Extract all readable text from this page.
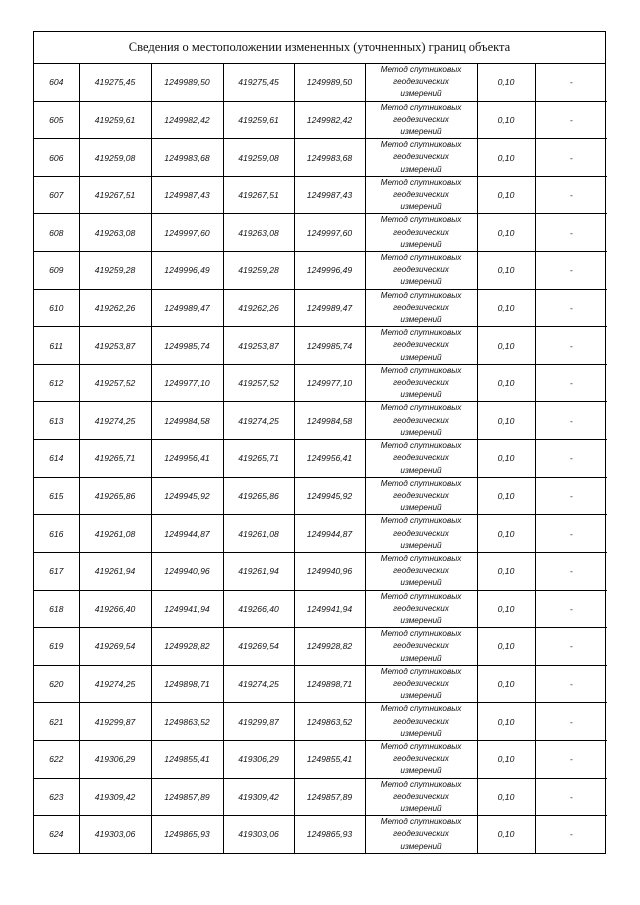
Сведения о местоположении измененных (уточненных) границ объекта
604	419275,45	1249989,50	419275,45	1249989,50	Метод спутниковых
геодезических
измерений	0,10	-
605	419259,61	1249982,42	419259,61	1249982,42	Метод спутниковых
геодезических
измерений	0,10	-
606	419259,08	1249983,68	419259,08	1249983,68	Метод спутниковых
геодезических
измерений	0,10	-
607	419267,51	1249987,43	419267,51	1249987,43	Метод спутниковых
геодезических
измерений	0,10	-
608	419263,08	1249997,60	419263,08	1249997,60	Метод спутниковых
геодезических
измерений	0,10	-
609	419259,28	1249996,49	419259,28	1249996,49	Метод спутниковых
геодезических
измерений	0,10	-
610	419262,26	1249989,47	419262,26	1249989,47	Метод спутниковых
геодезических
измерений	0,10	-
611	419253,87	1249985,74	419253,87	1249985,74	Метод спутниковых
геодезических
измерений	0,10	-
612	419257,52	1249977,10	419257,52	1249977,10	Метод спутниковых
геодезических
измерений	0,10	-
613	419274,25	1249984,58	419274,25	1249984,58	Метод спутниковых
геодезических
измерений	0,10	-
614	419265,71	1249956,41	419265,71	1249956,41	Метод спутниковых
геодезических
измерений	0,10	-
615	419265,86	1249945,92	419265,86	1249945,92	Метод спутниковых
геодезических
измерений	0,10	-
616	419261,08	1249944,87	419261,08	1249944,87	Метод спутниковых
геодезических
измерений	0,10	-
617	419261,94	1249940,96	419261,94	1249940,96	Метод спутниковых
геодезических
измерений	0,10	-
618	419266,40	1249941,94	419266,40	1249941,94	Метод спутниковых
геодезических
измерений	0,10	-
619	419269,54	1249928,82	419269,54	1249928,82	Метод спутниковых
геодезических
измерений	0,10	-
620	419274,25	1249898,71	419274,25	1249898,71	Метод спутниковых
геодезических
измерений	0,10	-
621	419299,87	1249863,52	419299,87	1249863,52	Метод спутниковых
геодезических
измерений	0,10	-
622	419306,29	1249855,41	419306,29	1249855,41	Метод спутниковых
геодезических
измерений	0,10	-
623	419309,42	1249857,89	419309,42	1249857,89	Метод спутниковых
геодезических
измерений	0,10	-
624	419303,06	1249865,93	419303,06	1249865,93	Метод спутниковых
геодезических
измерений	0,10	-
